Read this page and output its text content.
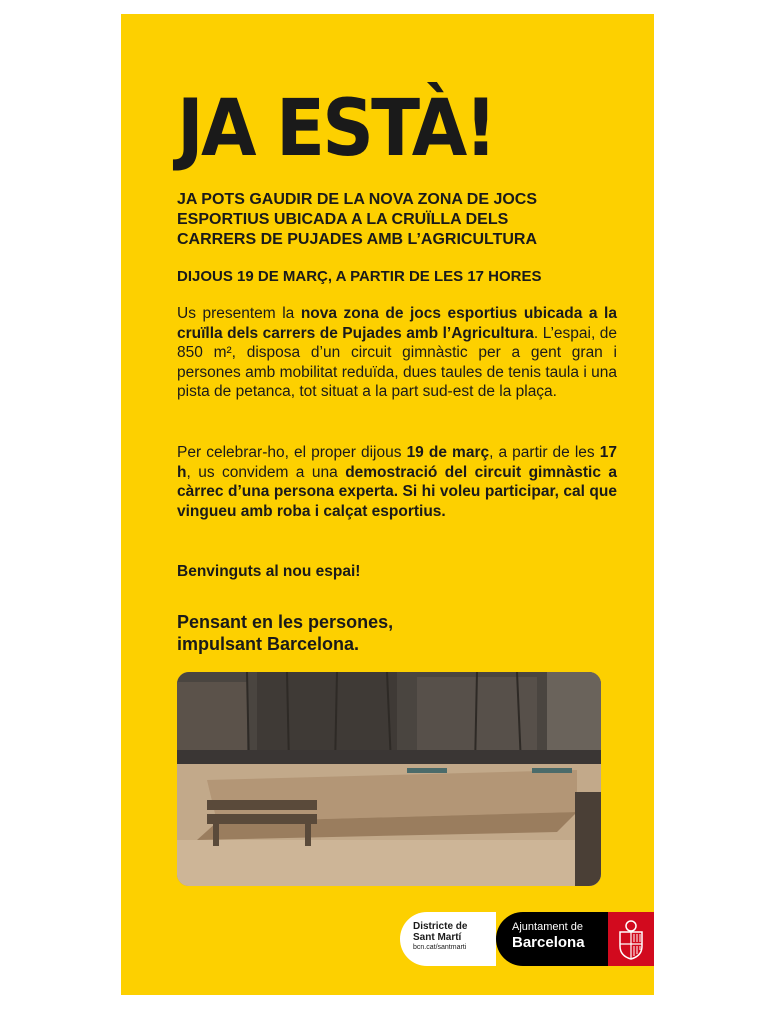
JA ESTÀ!

JA POTS GAUDIR DE LA NOVA ZONA DE JOCS
ESPORTIUS UBICADA A LA CRUÏLLA DELS
CARRERS DE PUJADES AMB L’AGRICULTURA

DIJOUS 19 DE MARÇ, A PARTIR DE LES 17 HORES

Us presentem la nova zona de jocs esportius ubicada a la cruïlla dels carrers de Pujades amb l’Agricultura. L’espai, de 850 m², disposa d’un circuit gimnàstic per a gent gran i persones amb mobilitat reduïda, dues taules de tenis taula i una pista de petanca, tot situat a la part sud-est de la plaça.

Per celebrar-ho, el proper dijous 19 de març, a partir de les 17 h, us convidem a una demostració del circuit gimnàstic a càrrec d’una persona experta. Si hi voleu participar, cal que vingueu amb roba i calçat esportius.

Benvinguts al nou espai!

Pensant en les persones,
impulsant Barcelona.

Districte de
Sant Martí
bcn.cat/santmarti
Ajuntament de
Barcelona
